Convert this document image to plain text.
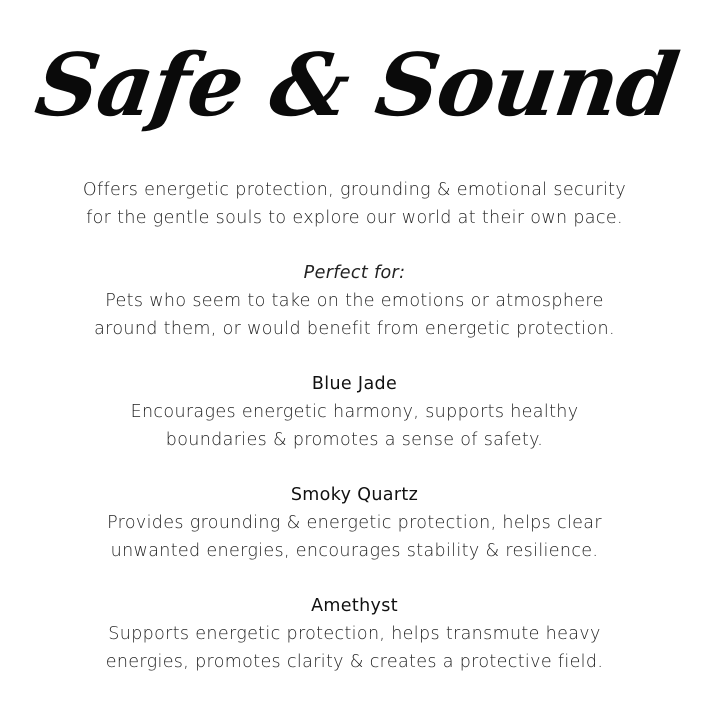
Safe & Sound

Offers energetic protection, grounding & emotional security
for the gentle souls to explore our world at their own pace.

Perfect for:
Pets who seem to take on the emotions or atmosphere
around them, or would benefit from energetic protection.

Blue Jade
Encourages energetic harmony, supports healthy
boundaries & promotes a sense of safety.

Smoky Quartz
Provides grounding & energetic protection, helps clear
unwanted energies, encourages stability & resilience.

Amethyst
Supports energetic protection, helps transmute heavy
energies, promotes clarity & creates a protective field.
